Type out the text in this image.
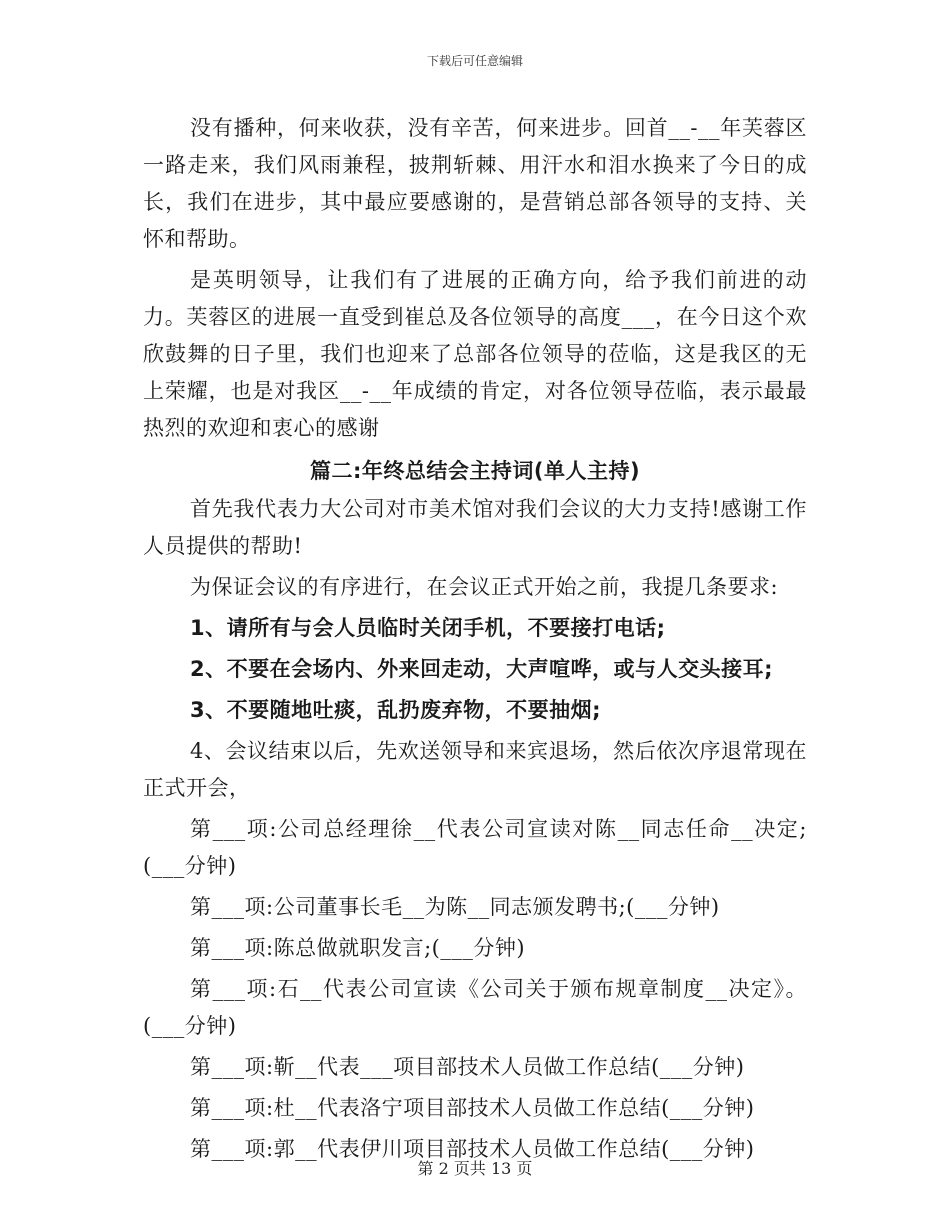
下载后可任意编辑

没有播种，何来收获，没有辛苦，何来进步。回首__-__年芙蓉区一路走来，我们风雨兼程，披荆斩棘、用汗水和泪水换来了今日的成长，我们在进步，其中最应要感谢的，是营销总部各领导的支持、关怀和帮助。

是英明领导，让我们有了进展的正确方向，给予我们前进的动力。芙蓉区的进展一直受到崔总及各位领导的高度___，在今日这个欢欣鼓舞的日子里，我们也迎来了总部各位领导的莅临，这是我区的无上荣耀，也是对我区__-__年成绩的肯定，对各位领导莅临，表示最最热烈的欢迎和衷心的感谢

篇二:年终总结会主持词(单人主持)

首先我代表力大公司对市美术馆对我们会议的大力支持!感谢工作人员提供的帮助!

为保证会议的有序进行，在会议正式开始之前，我提几条要求:

1、请所有与会人员临时关闭手机，不要接打电话;

2、不要在会场内、外来回走动，大声喧哗，或与人交头接耳;

3、不要随地吐痰，乱扔废弃物，不要抽烟;

4、会议结束以后，先欢送领导和来宾退场，然后依次序退常现在正式开会，

第___项:公司总经理徐__代表公司宣读对陈__同志任命__决定;(___分钟)

第___项:公司董事长毛__为陈__同志颁发聘书;(___分钟)

第___项:陈总做就职发言;(___分钟)

第___项:石__代表公司宣读《公司关于颁布规章制度__决定》。(___分钟)

第___项:靳__代表___项目部技术人员做工作总结(___分钟)

第___项:杜__代表洛宁项目部技术人员做工作总结(___分钟)

第___项:郭__代表伊川项目部技术人员做工作总结(___分钟)

第 2 页共 13 页
